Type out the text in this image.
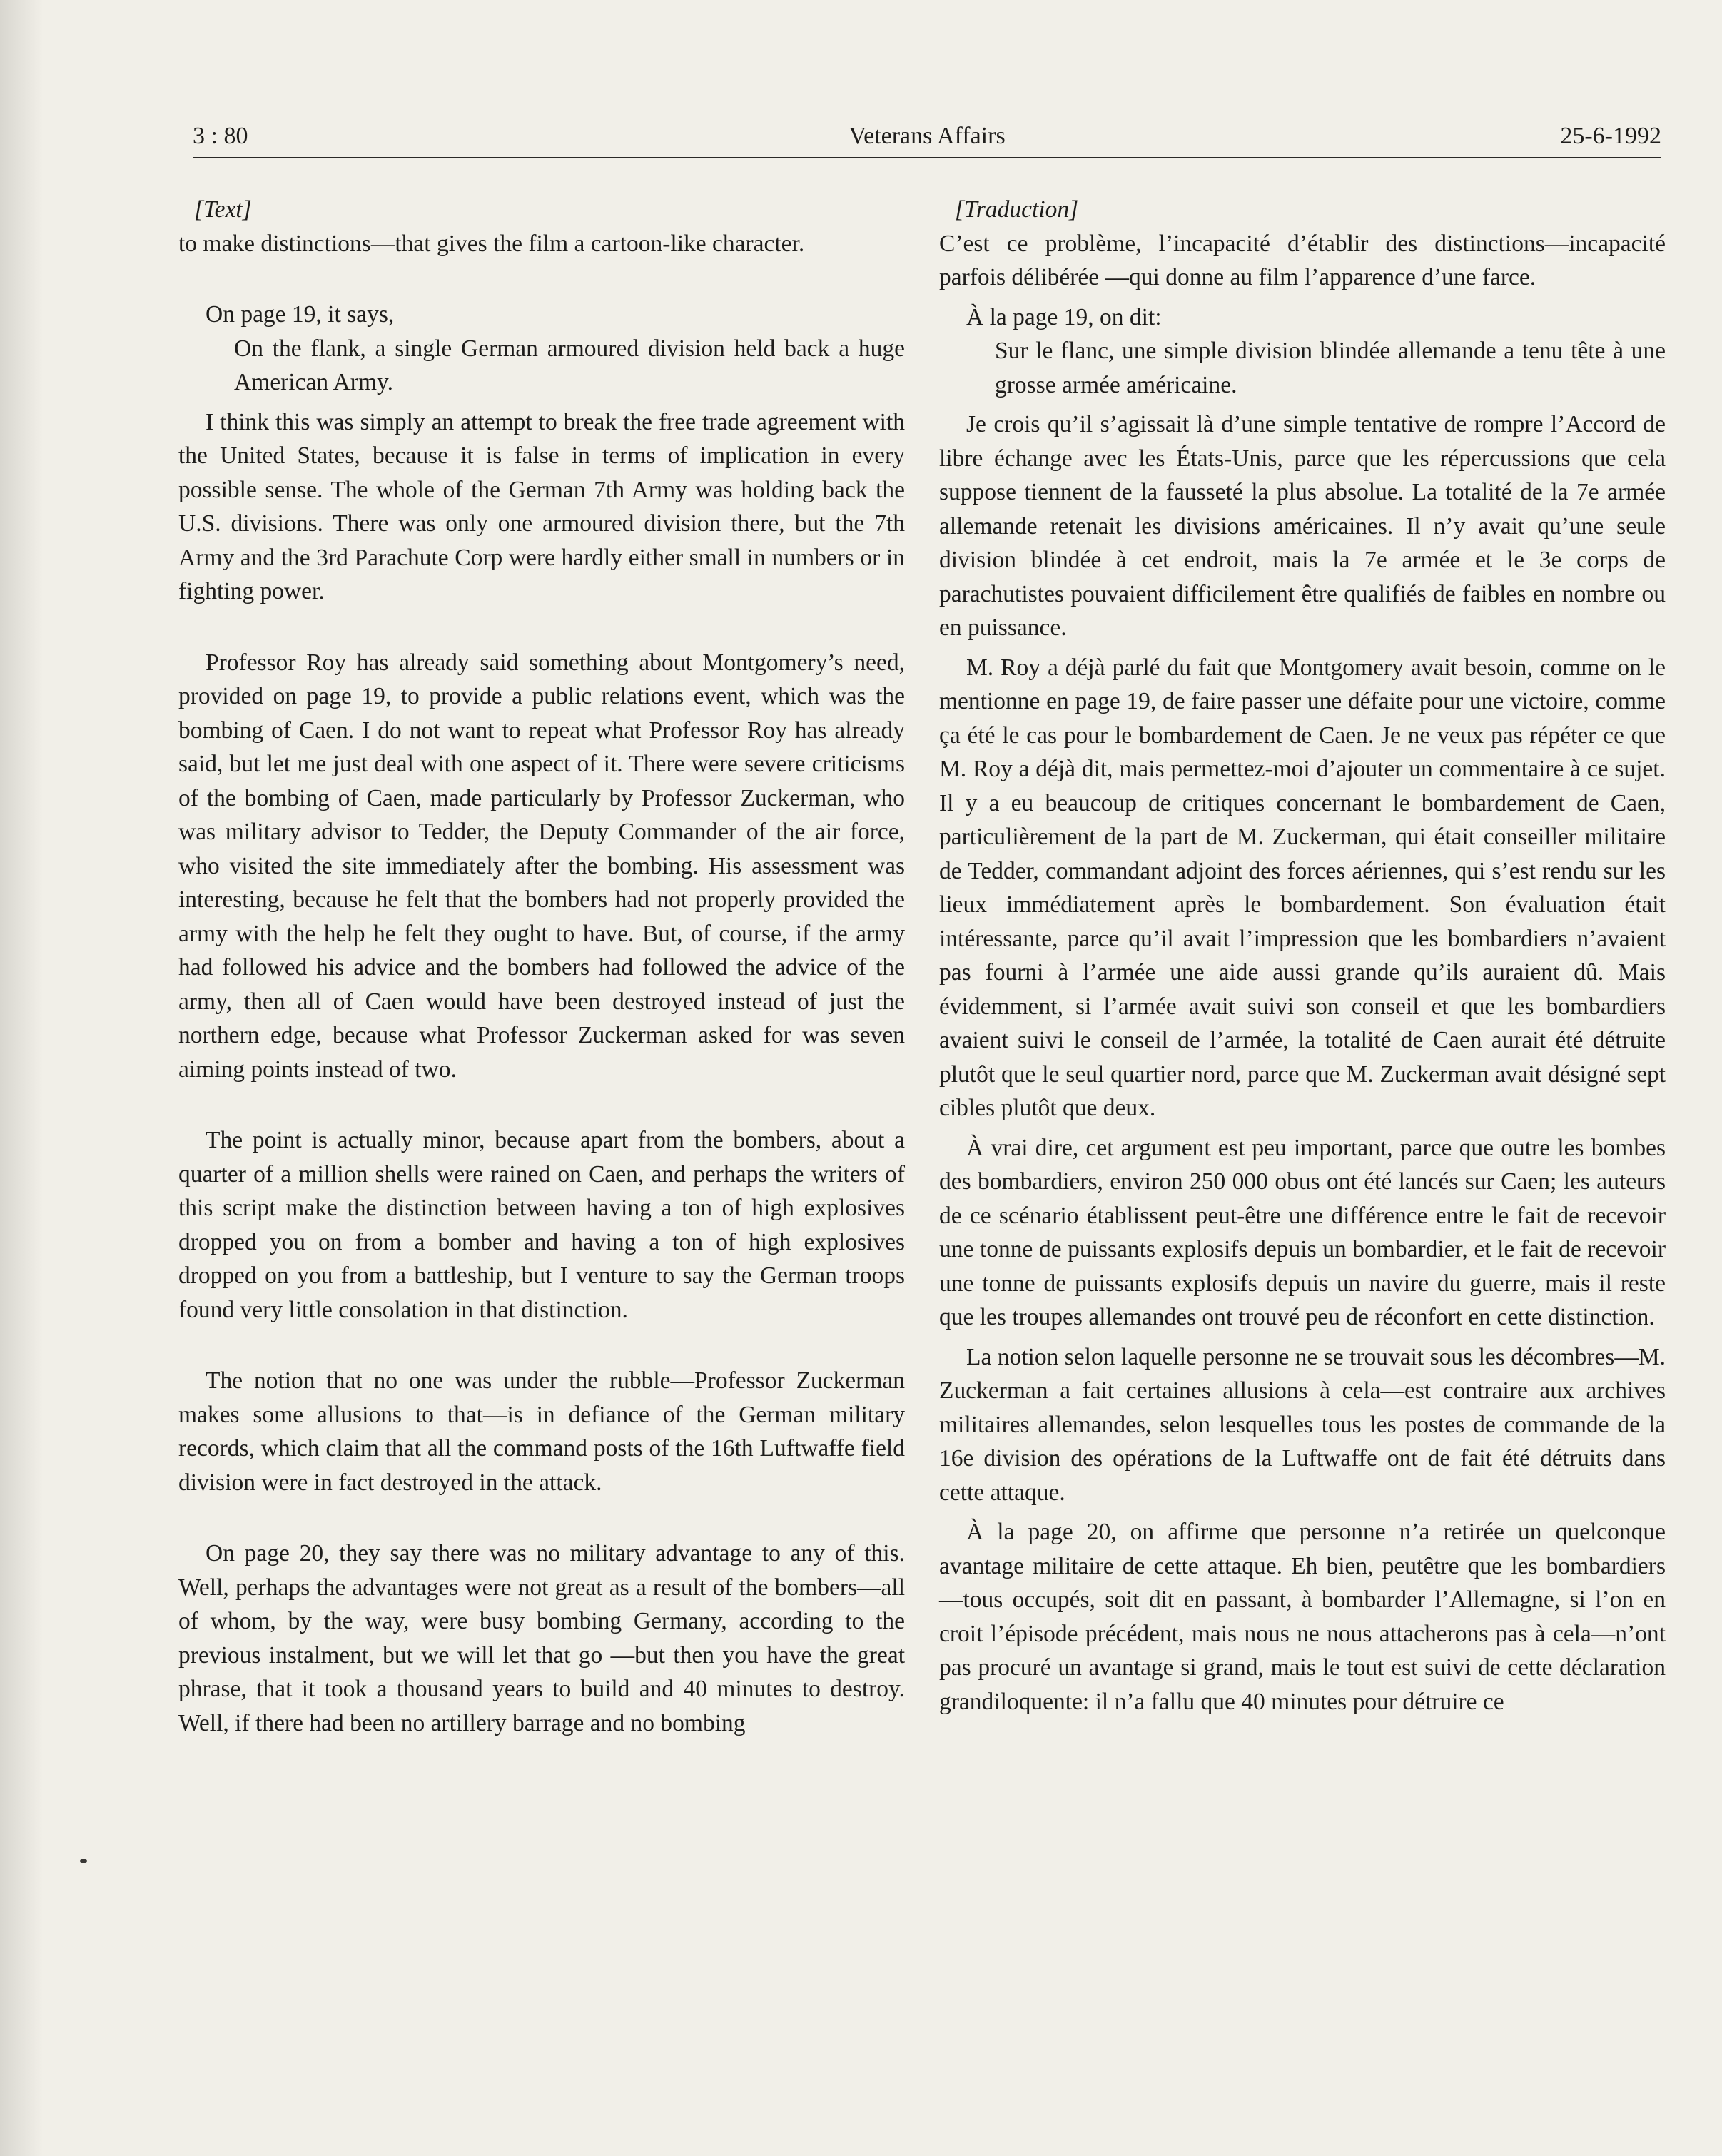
3 : 80	Veterans Affairs	25-6-1992

[Text]

to make distinctions—that gives the film a cartoon-like character.

On page 19, it says,

On the flank, a single German armoured division held back a huge American Army.

I think this was simply an attempt to break the free trade agreement with the United States, because it is false in terms of implication in every possible sense. The whole of the German 7th Army was holding back the U.S. divisions. There was only one armoured division there, but the 7th Army and the 3rd Parachute Corp were hardly either small in numbers or in fighting power.

Professor Roy has already said something about Montgomery’s need, provided on page 19, to provide a public relations event, which was the bombing of Caen. I do not want to repeat what Professor Roy has already said, but let me just deal with one aspect of it. There were severe criticisms of the bombing of Caen, made particularly by Professor Zuckerman, who was military advisor to Tedder, the Deputy Commander of the air force, who visited the site immediately after the bombing. His assessment was interesting, because he felt that the bombers had not properly provided the army with the help he felt they ought to have. But, of course, if the army had followed his advice and the bombers had followed the advice of the army, then all of Caen would have been destroyed instead of just the northern edge, because what Professor Zuckerman asked for was seven aiming points instead of two.

The point is actually minor, because apart from the bombers, about a quarter of a million shells were rained on Caen, and perhaps the writers of this script make the distinction between having a ton of high explosives dropped you on from a bomber and having a ton of high explosives dropped on you from a battleship, but I venture to say the German troops found very little consolation in that distinction.

The notion that no one was under the rubble—Professor Zuckerman makes some allusions to that—is in defiance of the German military records, which claim that all the command posts of the 16th Luftwaffe field division were in fact destroyed in the attack.

On page 20, they say there was no military advantage to any of this. Well, perhaps the advantages were not great as a result of the bombers—all of whom, by the way, were busy bombing Germany, according to the previous instalment, but we will let that go —but then you have the great phrase, that it took a thousand years to build and 40 minutes to destroy. Well, if there had been no artillery barrage and no bombing

[Traduction]

C’est ce problème, l’incapacité d’établir des distinctions—incapacité parfois délibérée —qui donne au film l’apparence d’une farce.

À la page 19, on dit:

Sur le flanc, une simple division blindée allemande a tenu tête à une grosse armée américaine.

Je crois qu’il s’agissait là d’une simple tentative de rompre l’Accord de libre échange avec les États-Unis, parce que les répercussions que cela suppose tiennent de la fausseté la plus absolue. La totalité de la 7e armée allemande retenait les divisions américaines. Il n’y avait qu’une seule division blindée à cet endroit, mais la 7e armée et le 3e corps de parachutistes pouvaient difficilement être qualifiés de faibles en nombre ou en puissance.

M. Roy a déjà parlé du fait que Montgomery avait besoin, comme on le mentionne en page 19, de faire passer une défaite pour une victoire, comme ça été le cas pour le bombardement de Caen. Je ne veux pas répéter ce que M. Roy a déjà dit, mais permettez-moi d’ajouter un commentaire à ce sujet. Il y a eu beaucoup de critiques concernant le bombardement de Caen, particulièrement de la part de M. Zuckerman, qui était conseiller militaire de Tedder, commandant adjoint des forces aériennes, qui s’est rendu sur les lieux immédiatement après le bombardement. Son évaluation était intéressante, parce qu’il avait l’impression que les bombardiers n’avaient pas fourni à l’armée une aide aussi grande qu’ils auraient dû. Mais évidemment, si l’armée avait suivi son conseil et que les bombardiers avaient suivi le conseil de l’armée, la totalité de Caen aurait été détruite plutôt que le seul quartier nord, parce que M. Zuckerman avait désigné sept cibles plutôt que deux.

À vrai dire, cet argument est peu important, parce que outre les bombes des bombardiers, environ 250 000 obus ont été lancés sur Caen; les auteurs de ce scénario établissent peut-être une différence entre le fait de recevoir une tonne de puissants explosifs depuis un bombardier, et le fait de recevoir une tonne de puissants explosifs depuis un navire du guerre, mais il reste que les troupes allemandes ont trouvé peu de réconfort en cette distinction.

La notion selon laquelle personne ne se trouvait sous les décombres—M. Zuckerman a fait certaines allusions à cela—est contraire aux archives militaires allemandes, selon lesquelles tous les postes de commande de la 16e division des opérations de la Luftwaffe ont de fait été détruits dans cette attaque.

À la page 20, on affirme que personne n’a retirée un quelconque avantage militaire de cette attaque. Eh bien, peutêtre que les bombardiers —tous occupés, soit dit en passant, à bombarder l’Allemagne, si l’on en croit l’épisode précédent, mais nous ne nous attacherons pas à cela—n’ont pas procuré un avantage si grand, mais le tout est suivi de cette déclaration grandiloquente: il n’a fallu que 40 minutes pour détruire ce
